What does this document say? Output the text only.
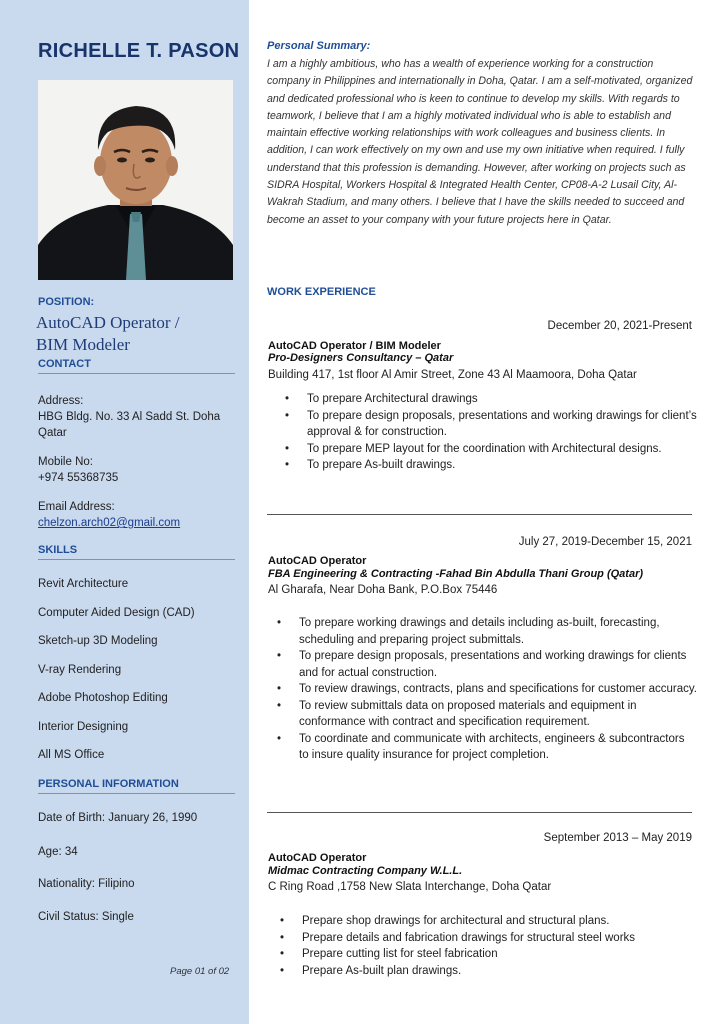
RICHELLE T. PASON
POSITION:
AutoCAD Operator /
BIM Modeler
CONTACT
Address:
HBG Bldg. No. 33 Al Sadd St. Doha Qatar
Mobile No:
+974 55368735
Email Address:
chelzon.arch02@gmail.com
SKILLS
Revit Architecture
Computer Aided Design (CAD)
Sketch-up 3D Modeling
V-ray Rendering
Adobe Photoshop Editing
Interior Designing
All MS Office
PERSONAL INFORMATION
Date of Birth: January 26, 1990
Age: 34
Nationality: Filipino
Civil Status: Single
Page 01 of 02
Personal Summary:
I am a highly ambitious, who has a wealth of experience working for a construction company in Philippines and internationally in Doha, Qatar. I am a self-motivated, organized and dedicated professional who is keen to continue to develop my skills. With regards to teamwork, I believe that I am a highly motivated individual who is able to establish and maintain effective working relationships with work colleagues and business clients. In addition, I can work effectively on my own and use my own initiative when required. I fully understand that this profession is demanding. However, after working on projects such as SIDRA Hospital, Workers Hospital & Integrated Health Center, CP08-A-2 Lusail City, Al-Wakrah Stadium, and many others. I believe that I have the skills needed to succeed and become an asset to your company with your future projects here in Qatar.
WORK EXPERIENCE
December 20, 2021-Present
AutoCAD Operator / BIM Modeler
Pro-Designers Consultancy – Qatar
Building 417, 1st floor Al Amir Street, Zone 43 Al Maamoora, Doha Qatar
• To prepare Architectural drawings
• To prepare design proposals, presentations and working drawings for client’s approval & for construction.
• To prepare MEP layout for the coordination with Architectural designs.
• To prepare As-built drawings.
July 27, 2019-December 15, 2021
AutoCAD Operator
FBA Engineering & Contracting -Fahad Bin Abdulla Thani Group (Qatar)
Al Gharafa, Near Doha Bank, P.O.Box 75446
• To prepare working drawings and details including as-built, forecasting, scheduling and preparing project submittals.
• To prepare design proposals, presentations and working drawings for clients and for actual construction.
• To review drawings, contracts, plans and specifications for customer accuracy.
• To review submittals data on proposed materials and equipment in conformance with contract and specification requirement.
• To coordinate and communicate with architects, engineers & subcontractors to insure quality insurance for project completion.
September 2013 – May 2019
AutoCAD Operator
Midmac Contracting Company W.L.L.
C Ring Road ,1758 New Slata Interchange, Doha Qatar
• Prepare shop drawings for architectural and structural plans.
• Prepare details and fabrication drawings for structural steel works
• Prepare cutting list for steel fabrication
• Prepare As-built plan drawings.
